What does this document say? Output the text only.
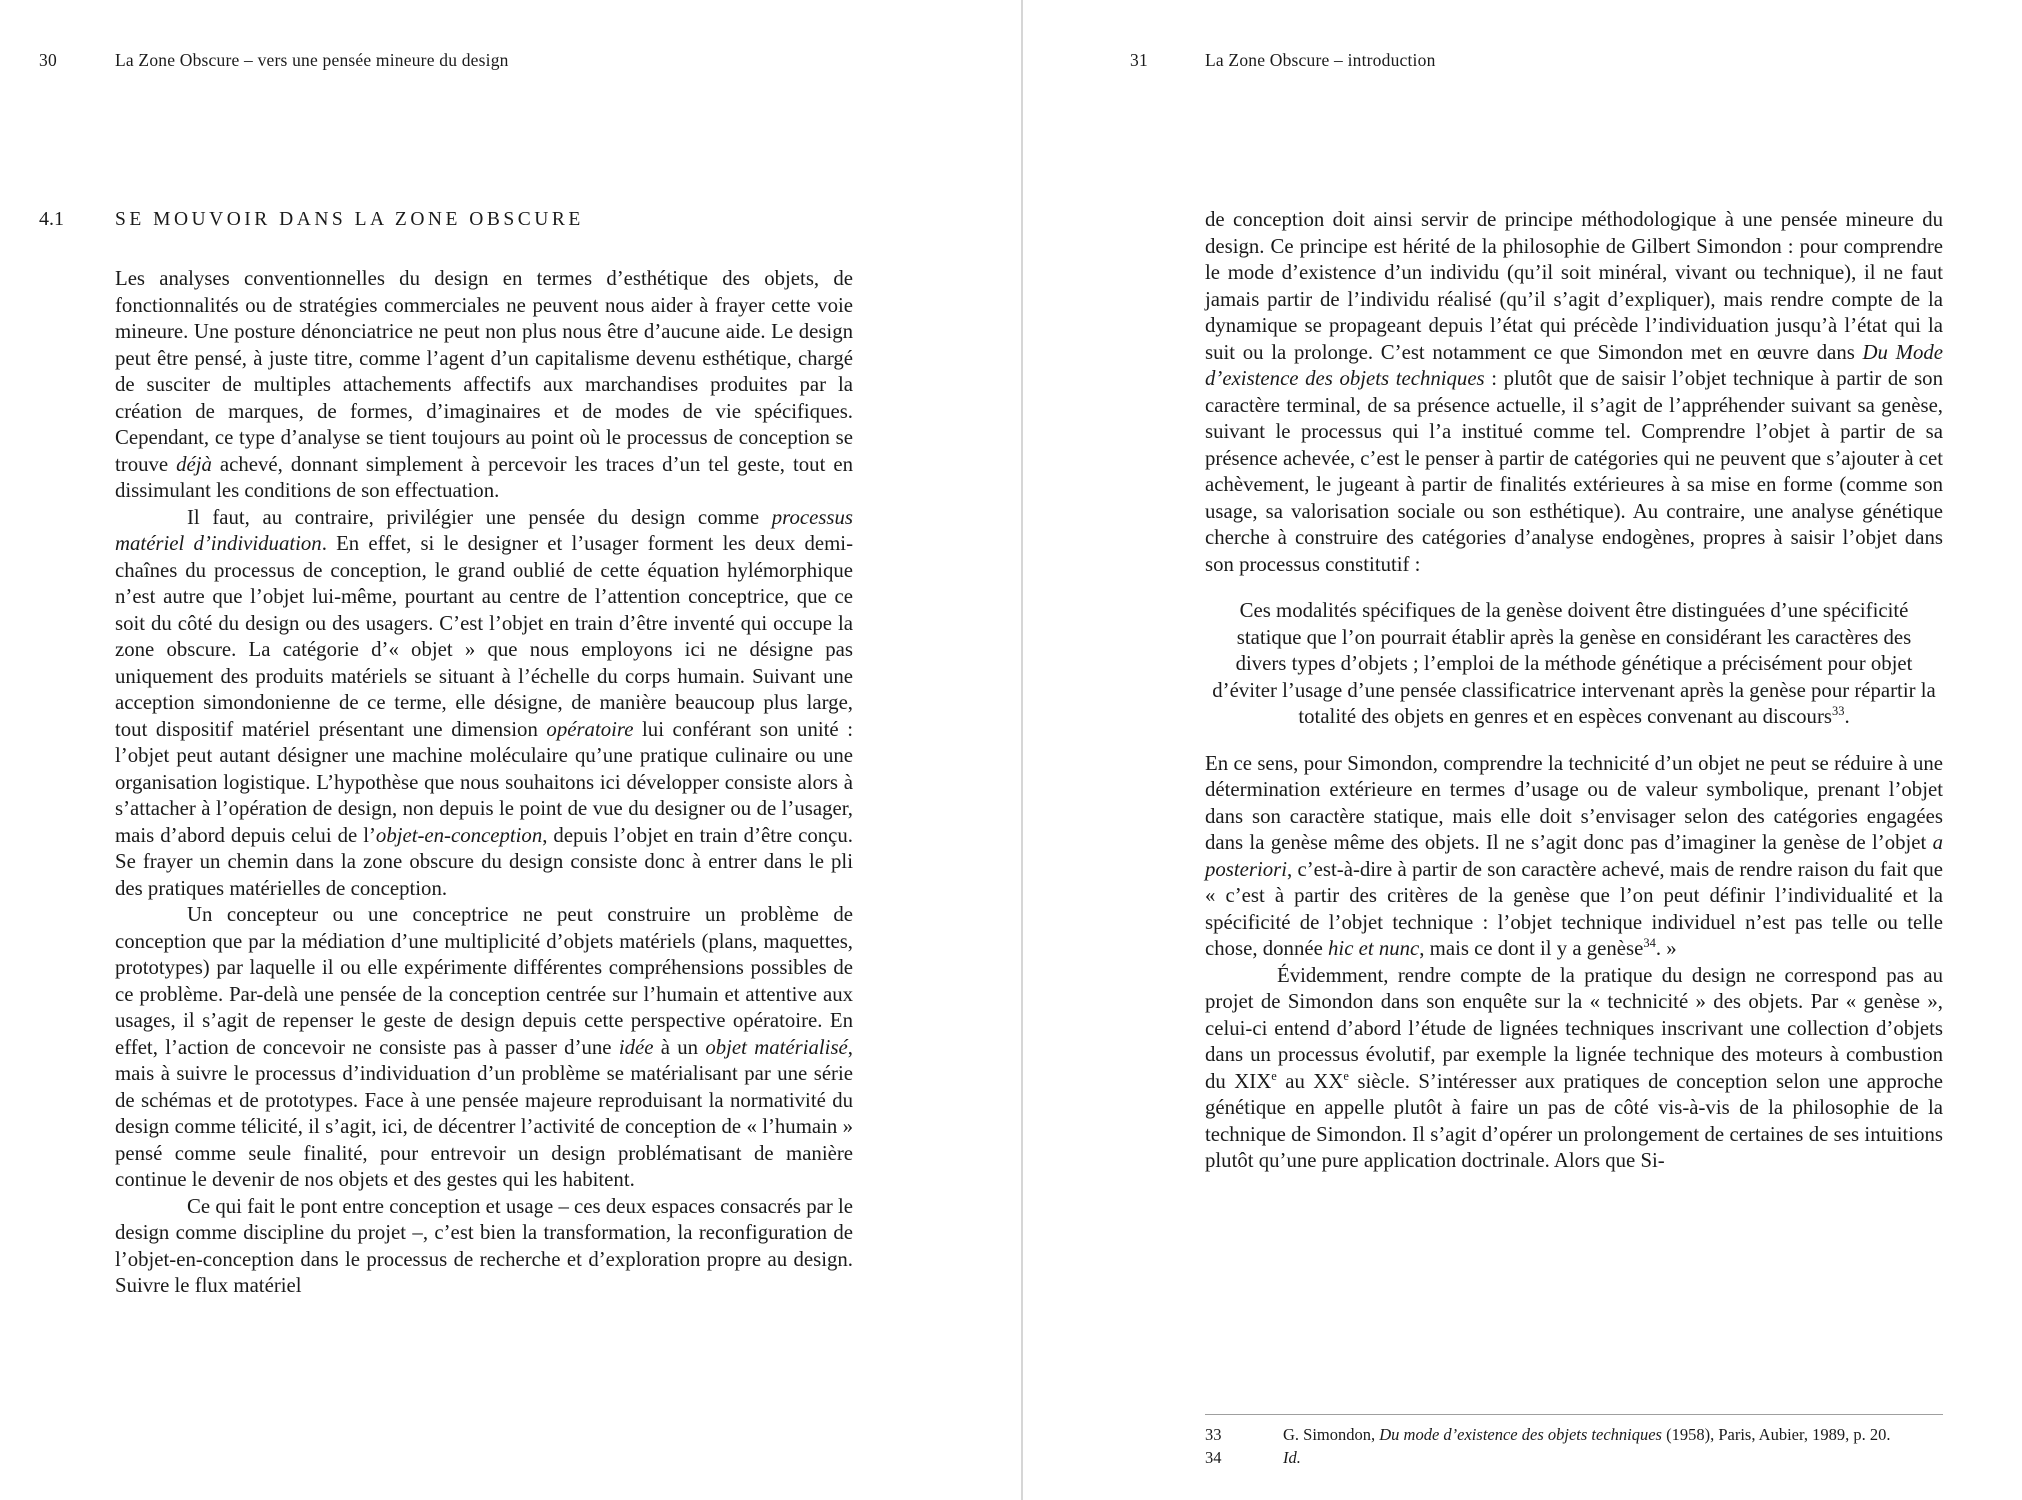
30	La Zone Obscure – vers une pensée mineure du design	31	La Zone Obscure – introduction
4.1	SE MOUVOIR DANS LA ZONE OBSCURE

Les analyses conventionnelles du design en termes d’esthétique des objets, de fonctionnalités ou de stratégies commerciales ne peuvent nous aider à frayer cette voie mineure. Une posture dénonciatrice ne peut non plus nous être d’aucune aide. Le design peut être pensé, à juste titre, comme l’agent d’un capitalisme devenu esthétique, chargé de susciter de multiples attachements affectifs aux marchandises produites par la création de marques, de formes, d’imaginaires et de modes de vie spécifiques. Cependant, ce type d’analyse se tient toujours au point où le processus de conception se trouve déjà achevé, donnant simplement à percevoir les traces d’un tel geste, tout en dissimulant les conditions de son effectuation.

Il faut, au contraire, privilégier une pensée du design comme processus matériel d’individuation. En effet, si le designer et l’usager forment les deux demi-chaînes du processus de conception, le grand oublié de cette équation hylémorphique n’est autre que l’objet lui-même, pourtant au centre de l’attention conceptrice, que ce soit du côté du design ou des usagers. C’est l’objet en train d’être inventé qui occupe la zone obscure. La catégorie d’« objet » que nous employons ici ne désigne pas uniquement des produits matériels se situant à l’échelle du corps humain. Suivant une acception simondonienne de ce terme, elle désigne, de manière beaucoup plus large, tout dispositif matériel présentant une dimension opératoire lui conférant son unité : l’objet peut autant désigner une machine moléculaire qu’une pratique culinaire ou une organisation logistique. L’hypothèse que nous souhaitons ici développer consiste alors à s’attacher à l’opération de design, non depuis le point de vue du designer ou de l’usager, mais d’abord depuis celui de l’objet-en-conception, depuis l’objet en train d’être conçu. Se frayer un chemin dans la zone obscure du design consiste donc à entrer dans le pli des pratiques matérielles de conception.

Un concepteur ou une conceptrice ne peut construire un problème de conception que par la médiation d’une multiplicité d’objets matériels (plans, maquettes, prototypes) par laquelle il ou elle expérimente différentes compréhensions possibles de ce problème. Par-delà une pensée de la conception centrée sur l’humain et attentive aux usages, il s’agit de repenser le geste de design depuis cette perspective opératoire. En effet, l’action de concevoir ne consiste pas à passer d’une idée à un objet matérialisé, mais à suivre le processus d’individuation d’un problème se matérialisant par une série de schémas et de prototypes. Face à une pensée majeure reproduisant la normativité du design comme télicité, il s’agit, ici, de décentrer l’activité de conception de « l’humain » pensé comme seule finalité, pour entrevoir un design problématisant de manière continue le devenir de nos objets et des gestes qui les habitent.

Ce qui fait le pont entre conception et usage – ces deux espaces consacrés par le design comme discipline du projet –, c’est bien la transformation, la reconfiguration de l’objet-en-conception dans le processus de recherche et d’exploration propre au design. Suivre le flux matériel

de conception doit ainsi servir de principe méthodologique à une pensée mineure du design. Ce principe est hérité de la philosophie de Gilbert Simondon : pour comprendre le mode d’existence d’un individu (qu’il soit minéral, vivant ou technique), il ne faut jamais partir de l’individu réalisé (qu’il s’agit d’expliquer), mais rendre compte de la dynamique se propageant depuis l’état qui précède l’individuation jusqu’à l’état qui la suit ou la prolonge. C’est notamment ce que Simondon met en œuvre dans Du Mode d’existence des objets techniques : plutôt que de saisir l’objet technique à partir de son caractère terminal, de sa présence actuelle, il s’agit de l’appréhender suivant sa genèse, suivant le processus qui l’a institué comme tel. Comprendre l’objet à partir de sa présence achevée, c’est le penser à partir de catégories qui ne peuvent que s’ajouter à cet achèvement, le jugeant à partir de finalités extérieures à sa mise en forme (comme son usage, sa valorisation sociale ou son esthétique). Au contraire, une analyse génétique cherche à construire des catégories d’analyse endogènes, propres à saisir l’objet dans son processus constitutif :

Ces modalités spécifiques de la genèse doivent être distinguées d’une spécificité statique que l’on pourrait établir après la genèse en considérant les caractères des divers types d’objets ; l’emploi de la méthode génétique a précisément pour objet d’éviter l’usage d’une pensée classificatrice intervenant après la genèse pour répartir la totalité des objets en genres et en espèces convenant au discours$^{33}$.

En ce sens, pour Simondon, comprendre la technicité d’un objet ne peut se réduire à une détermination extérieure en termes d’usage ou de valeur symbolique, prenant l’objet dans son caractère statique, mais elle doit s’envisager selon des catégories engagées dans la genèse même des objets. Il ne s’agit donc pas d’imaginer la genèse de l’objet a posteriori, c’est-à-dire à partir de son caractère achevé, mais de rendre raison du fait que « c’est à partir des critères de la genèse que l’on peut définir l’individualité et la spécificité de l’objet technique : l’objet technique individuel n’est pas telle ou telle chose, donnée hic et nunc, mais ce dont il y a genèse$^{34}$. »

Évidemment, rendre compte de la pratique du design ne correspond pas au projet de Simondon dans son enquête sur la « technicité » des objets. Par « genèse », celui-ci entend d’abord l’étude de lignées techniques inscrivant une collection d’objets dans un processus évolutif, par exemple la lignée technique des moteurs à combustion du XIXe au XXe siècle. S’intéresser aux pratiques de conception selon une approche génétique en appelle plutôt à faire un pas de côté vis-à-vis de la philosophie de la technique de Simondon. Il s’agit d’opérer un prolongement de certaines de ses intuitions plutôt qu’une pure application doctrinale. Alors que Si-

33	G. Simondon, Du mode d’existence des objets techniques (1958), Paris, Aubier, 1989, p. 20.
34	Id.
